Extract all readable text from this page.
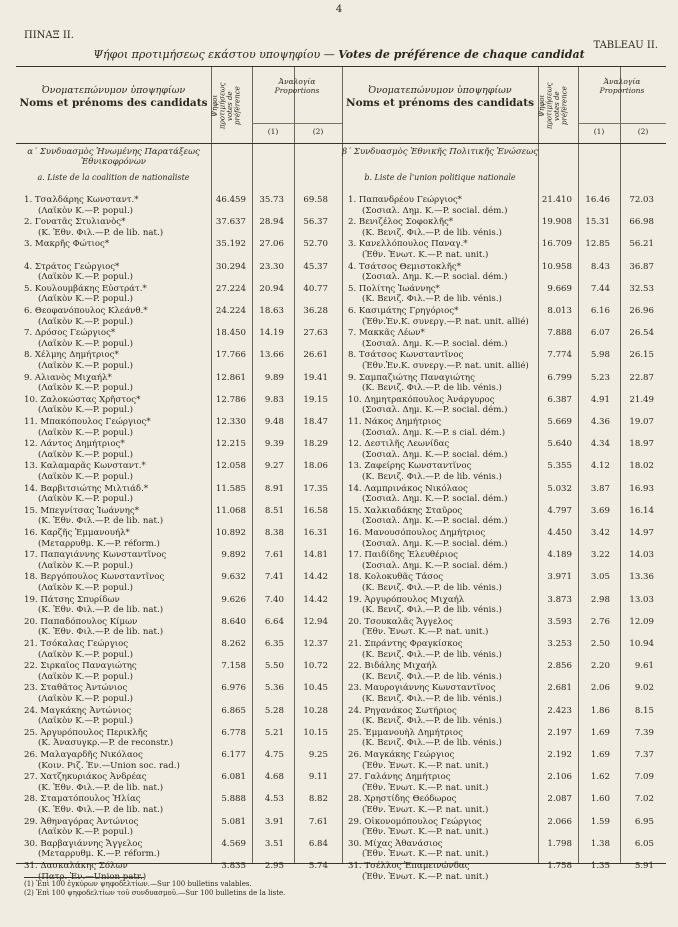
4
ΠΙΝΑΞ II.
TABLEAU II.
Ψήφοι προτιμήσεως εκάστου υποψηφίου — Votes de préférence de chaque candidat
Ὀνοματεπώνυμον ὑποψηφίων
Noms et prénoms des candidats Ψήφοι προτιμήσεως votes de préférence
Ἀναλογία
Proportions
(1)	(2)
α΄ Συνδυασμὸς Ἡνωμένης Παρατάξεως Ἐθνικοφρόνων
a. Liste de la coalition de nationaliste
1. Τσαλδάρης Κωνσταντ.*
(Λαϊκὸν Κ.—P. popul.)
46.459	35.73	69.58
2. Γονατᾶς Στυλιανὸς*
(Κ. Ἐθν. Φιλ.—P. de lib. nat.)
37.637	28.94	56.37
3. Μακρῆς Φώτιος*	35.192	27.06	52.70
4. Στράτος Γεώργιος*
(Λαϊκὸν Κ.—P. popul.)
30.294	23.30	45.37
5. Κουλουμβάκης Εὐστράτ.*
(Λαϊκὸν Κ.—P. popul.)
27.224	20.94	40.77
6. Θεοφανόπουλος Κλεάνθ.*
(Λαϊκὸν Κ.—P. popul.)
24.224	18.63	36.28
7. Δρόσος Γεώργιος*
(Λαϊκὸν Κ.—P. popul.)
18.450	14.19	27.63
8. Χέλμης Δημήτριος*
(Λαϊκὸν Κ.—P. popul.)
17.766	13.66	26.61
9. Αλιανὸς Μιχαήλ*
(Λαϊκὸν Κ.—P. popul.)
12.861	9.89	19.41
10. Ζαλοκώστας Χρῆστος*
(Λαϊκὸν Κ.—P. popul.)
12.786	9.83	19.15
11. Μπακόπουλος Γεώργιος*
(Λαϊκὸν Κ.—P. popul.)
12.330	9.48	18.47
12. Λάντος Δημήτριος*
(Λαϊκὸν Κ.—P. popul.)
12.215	9.39	18.29
13. Καλαμαρᾶς Κωνσταντ.*
(Λαϊκὸν Κ.—P. popul.)
12.058	9.27	18.06
14. Βαρβιτσιώτης Μιλτιάδ.*
(Λαϊκὸν Κ.—P. popul.)
11.585	8.91	17.35
15. Μπεγνίτσας Ἰωάννης*
(Κ. Ἐθν. Φιλ.—P. de lib. nat.)
11.068	8.51	16.58
16. Καρζῆς Ἐμμανουήλ*
(Μεταρρυθμ. Κ.—P. réform.)
10.892	8.38	16.31
17. Παπαγιάννης Κωνσταντῖνος
(Λαϊκὸν Κ.—P. popul.)
9.892	7.61	14.81
18. Βεργόπουλος Κωνσταντῖνος
(Λαϊκὸν Κ.—P. popul.)
9.632	7.41	14.42
19. Πάτσης Σπυρίδων
(Κ. Ἐθν. Φιλ.—P. de lib. nat.)
9.626	7.40	14.42
20. Παπαδόπουλος Κίμων
(Κ. Ἐθν. Φιλ.—P. de lib. nat.)
8.640	6.64	12.94
21. Τσόκαλας Γεώργιος
(Λαϊκὸν Κ.—P. popul.)
8.262	6.35	12.37
22. Σιρκαῖος Παναγιώτης
(Λαϊκὸν Κ.—P. popul.)
7.158	5.50	10.72
23. Σταθᾶτος Ἀντώνιος
(Λαϊκὸν Κ.—P. popul.)
6.976	5.36	10.45
24. Μαγκάκης Ἀντώνιος
(Λαϊκὸν Κ.—P. popul.)
6.865	5.28	10.28
25. Ἀργυρόπουλος Περικλῆς
(Κ. Ἀνασυγκρ.—P. de reconstr.)
6.778	5.21	10.15
26. Μαλαγαρδῆς Νικόλαος
(Κοιν. Ριζ. Ἐν.—Union soc. rad.)
6.177	4.75	9.25
27. Χατζηκυριάκος Ἀνδρέας
(Κ. Ἐθν. Φιλ.—P. de lib. nat.)
6.081	4.68	9.11
28. Σταματόπουλος Ἠλίας
(Κ. Ἐθν. Φιλ.—P. de lib. nat.)
5.888	4.53	8.82
29. Ἀθηναγόρας Ἀντώνιος
(Λαϊκὸν Κ.—P. popul.)
5.081	3.91	7.61
30. Βαρβαγιάννης Ἄγγελος
(Μεταρρυθμ. Κ.—P. réform.)
4.569	3.51	6.84
31. Δασκαλάκης Σόλων
(Πατρ. Ἐν.—Union patr.)
3.835	2.95	5.74
Ὀνοματεπώνυμον ὑποψηφίων
Noms et prénoms des candidats Ψήφοι προτιμήσεως votes de préférence
Ἀναλογία
Proportions
(1)	(2)
β΄ Συνδυασμὸς Ἐθνικῆς Πολιτικῆς Ἑνώσεως
b. Liste de l'union politique nationale
1. Παπανδρέου Γεώργιος*
(Σοσιαλ. Δημ. Κ.—P. social. dém.)
21.410	16.46	72.03
2. Βενιζέλος Σοφοκλῆς*
(Κ. Βενιζ. Φιλ.—P. de lib. vénis.)
19.908	15.31	66.98
3. Κανελλόπουλος Παναγ.*
(Ἐθν. Ἑνωτ. Κ.—P. nat. unit.)
16.709	12.85	56.21
4. Τσάτσος Θεμιστοκλῆς*
(Σοσιαλ. Δημ. Κ.—P. social. dém.)
10.958	8.43	36.87
5. Πολίτης Ἰωάννης*
(Κ. Βενιζ. Φιλ.—P. de lib. vénis.)
9.669	7.44	32.53
6. Κασιμάτης Γρηγόριος*
(Ἐθν.Ἑν.Κ. συνεργ.—P. nat. unit. allié)
8.013	6.16	26.96
7. Μακκᾶς Λέων*
(Σοσιαλ. Δημ. Κ.—P. social. dém.)
7.888	6.07	26.54
8. Τσάτσος Κωνσταντῖνος
(Ἐθν.Ἑν.Κ. συνεργ.—P. nat. unit. allié)
7.774	5.98	26.15
9. Σαμπαζιώτης Παναγιώτης
(Κ. Βενιζ. Φιλ.—P. de lib. vénis.)
6.799	5.23	22.87
10. Δημητρακόπουλος Ἀνάργυρος
(Σοσιαλ. Δημ. Κ.—P. social. dém.)
6.387	4.91	21.49
11. Νάκος Δημήτριος
(Σοσιαλ. Δημ. Κ.—P. s cial. dém.)
5.669	4.36	19.07
12. Δεστιλῆς Λεωνίδας
(Σοσιαλ. Δημ. Κ.—P. social. dém.)
5.640	4.34	18.97
13. Ζαφείρης Κωνσταντῖνος
(Κ. Βενιζ. Φιλ.—P. de lib. vénis.)
5.355	4.12	18.02
14. Λαμπρινάκος Νικόλαος
(Σοσιαλ. Δημ. Κ.—P. social. dém.)
5.032	3.87	16.93
15. Χαλκιαδάκης Σταῦρος
(Σοσιαλ. Δημ. Κ.—P. social. dém.)
4.797	3.69	16.14
16. Μανουσόπουλος Δημήτριος
(Σοσιαλ. Δημ. Κ.—P. social. dém.)
4.450	3.42	14.97
17. Παιδίδης Ἐλευθέριος
(Σοσιαλ. Δημ. Κ.—P. social. dém.)
4.189	3.22	14.03
18. Κολοκυθᾶς Τάσος
(Κ. Βενιζ. Φιλ.—P. de lib. vénis.)
3.971	3.05	13.36
19. Ἀργυρόπουλος Μιχαήλ
(Κ. Βενιζ. Φιλ.—P. de lib. vénis.)
3.873	2.98	13.03
20. Τσουκαλᾶς Ἄγγελος
(Ἐθν. Ἑνωτ. Κ.—P. nat. unit.)
3.593	2.76	12.09
21. Σπράντης Φραγκίσκος
(Κ. Βενιζ. Φιλ.—P. de lib. vénis.)
3.253	2.50	10.94
22. Βιδάλης Μιχαήλ
(Κ. Βενιζ. Φιλ.—P. de lib. vénis.)
2.856	2.20	9.61
23. Μαυρογιάννης Κωνσταντῖνος
(Κ. Βενιζ. Φιλ.—P. de lib. vénis.)
2.681	2.06	9.02
24. Ρηγανάκος Σωτήριος
(Κ. Βενιζ. Φιλ.—P. de lib. vénis.)
2.423	1.86	8.15
25. Ἐμμανουὴλ Δημήτριος
(Κ. Βενιζ. Φιλ.—P. de lib. vénis.)
2.197	1.69	7.39
26. Μαγκάκης Γεώργιος
(Ἐθν. Ἑνωτ. Κ.—P. nat. unit.)
2.192	1.69	7.37
27. Γαλάνης Δημήτριος
(Ἐθν. Ἑνωτ. Κ.—P. nat. unit.)
2.106	1.62	7.09
28. Χρηστίδης Θεόδωρος
(Ἐθν. Ἑνωτ. Κ.—P. nat. unit.)
2.087	1.60	7.02
29. Οἰκονομόπουλος Γεώργιος
(Ἐθν. Ἑνωτ. Κ.—P. nat. unit.)
2.066	1.59	6.95
30. Μίχας Ἀθανάσιος
(Ἐθν. Ἑνωτ. Κ.—P. nat. unit.)
1.798	1.38	6.05
31. Τσέλλος Ἐπαμεινώνδας
(Ἐθν. Ἑνωτ. Κ.—P. nat. unit.)
1.758	1.35	5.91
(1) Ἐπὶ 100 ἐγκύρων ψηφοδελτίων.—Sur 100 bulletins valables.
(2) Ἐπὶ 100 ψηφοδελτίων τοῦ συνδυασμοῦ.—Sur 100 bulletins de la liste.
